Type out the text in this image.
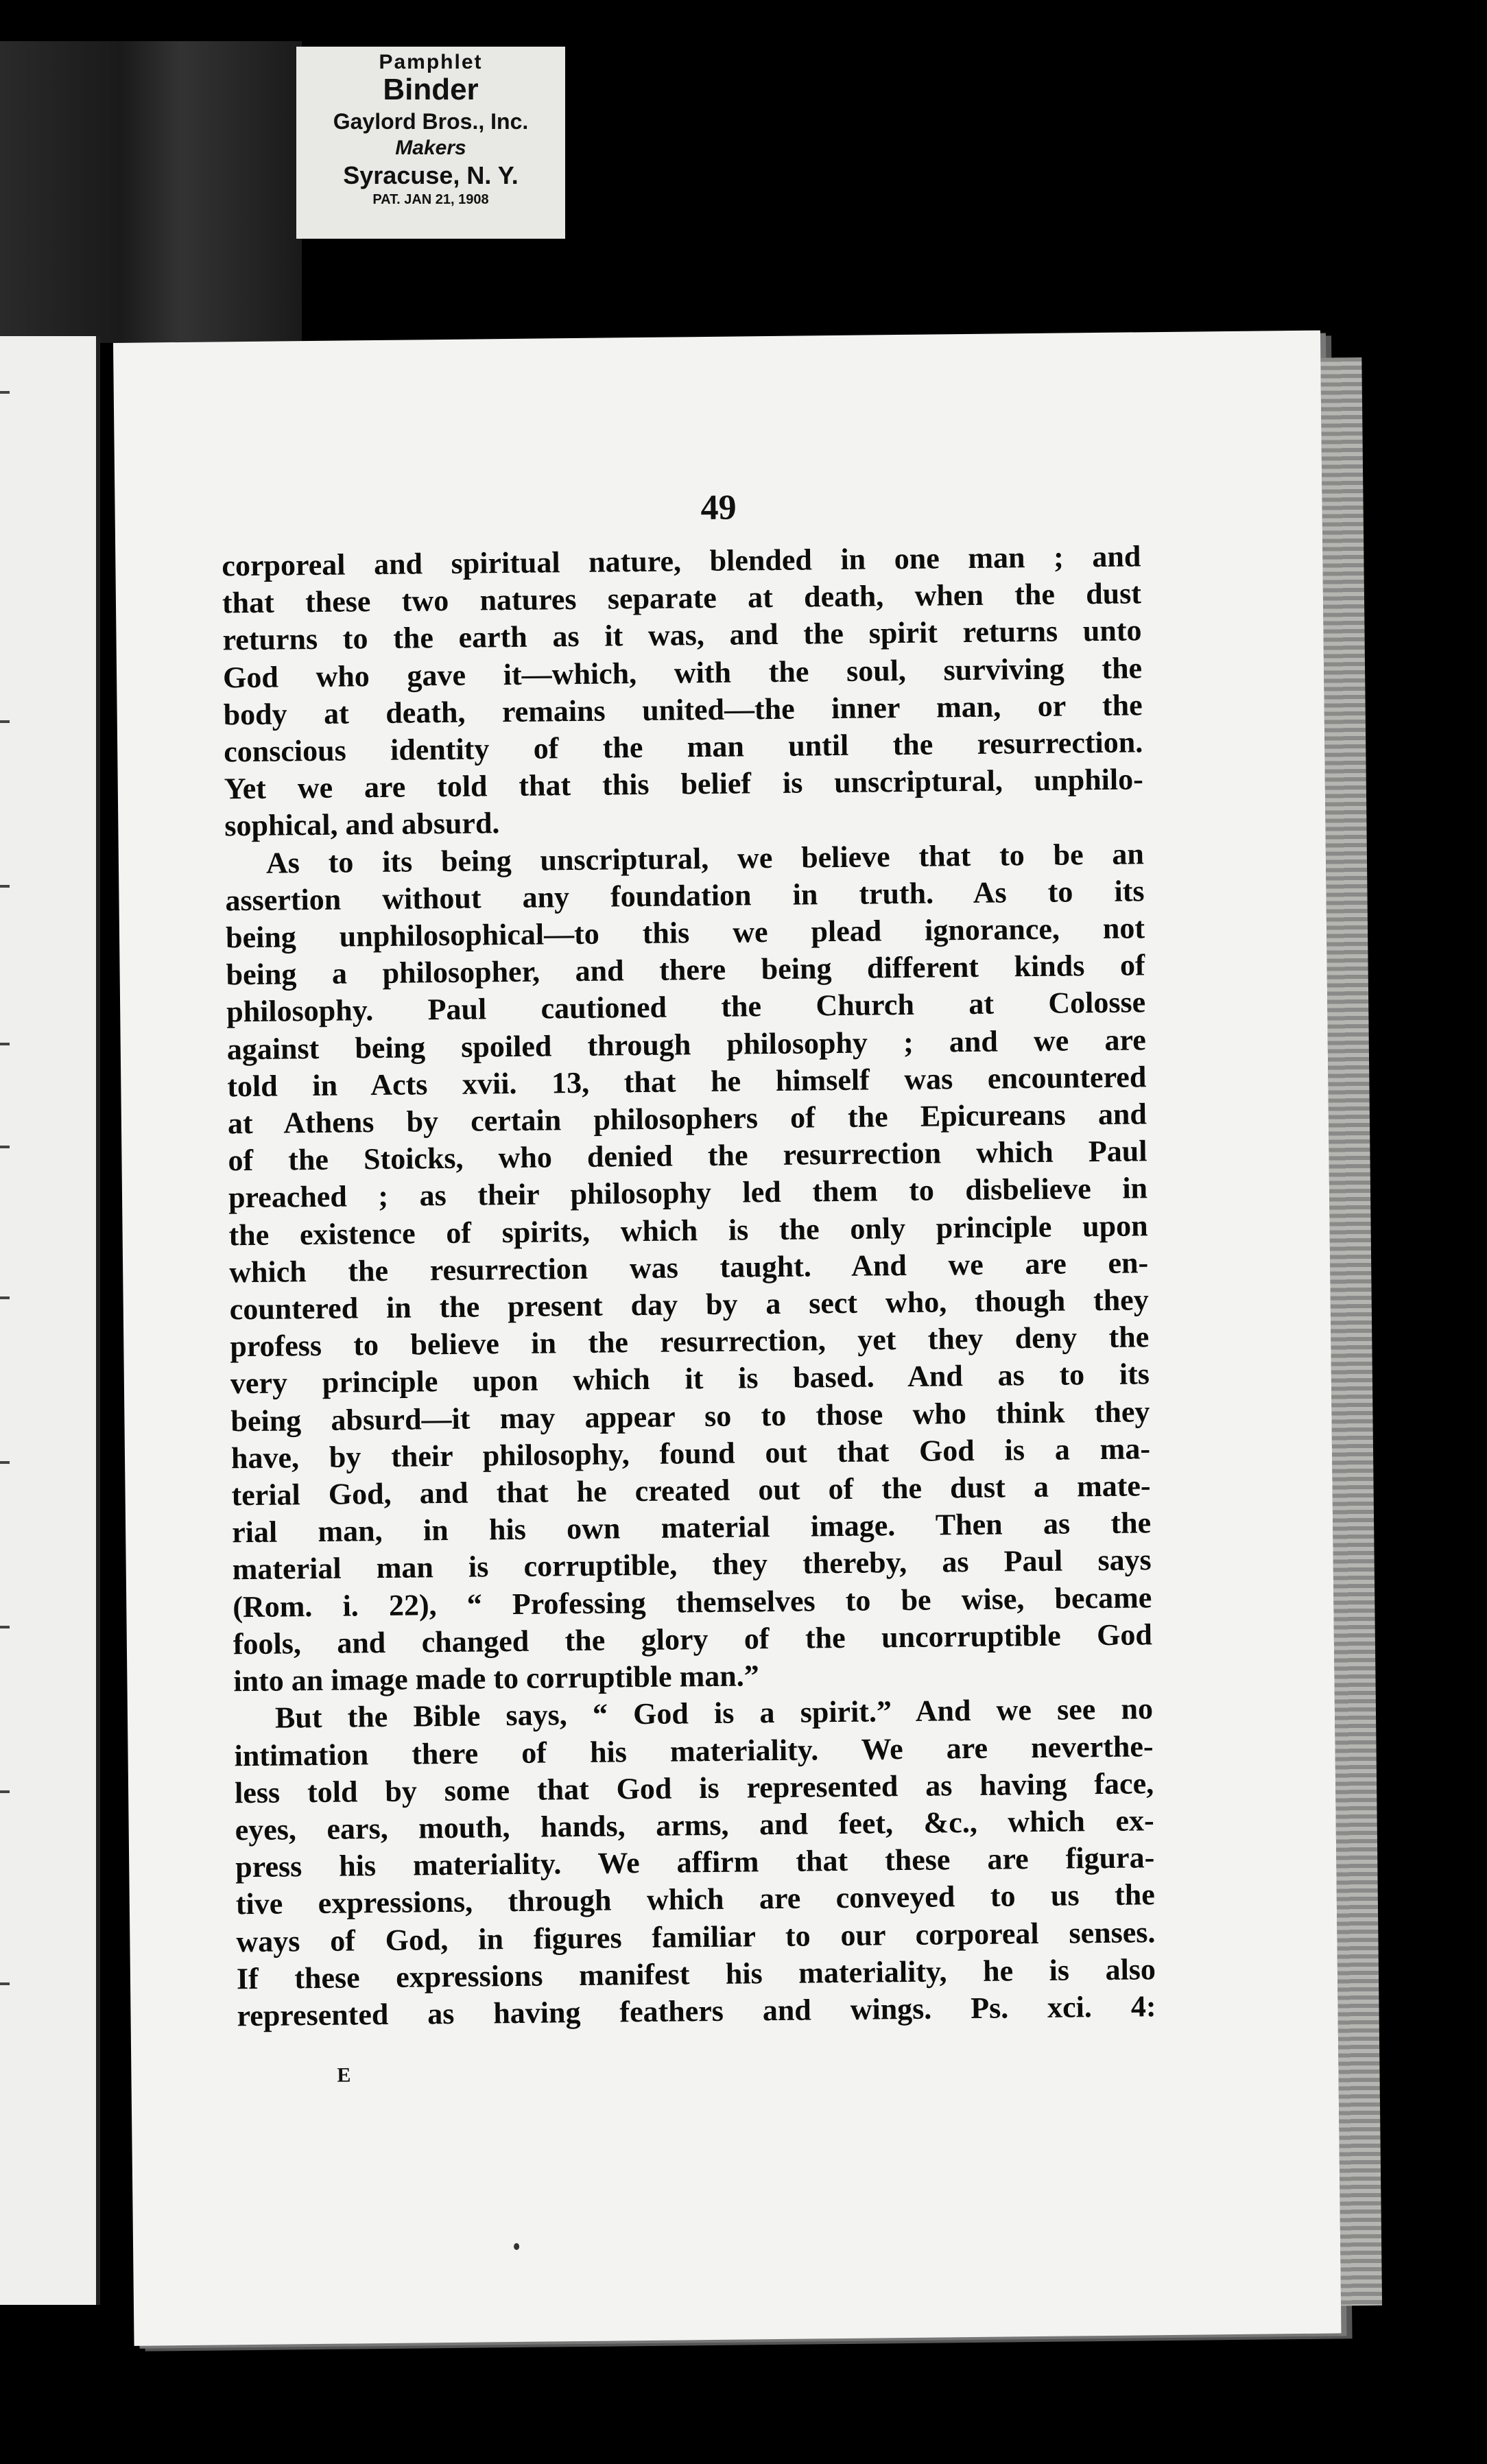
Pamphlet
Binder
Gaylord Bros., Inc.
Makers
Syracuse, N. Y.
PAT. JAN 21, 1908
49
corporeal and spiritual nature, blended in one man ; and
that these two natures separate at death, when the dust
returns to the earth as it was, and the spirit returns unto
God who gave it—which, with the soul, surviving the
body at death, remains united—the inner man, or the
conscious identity of the man until the resurrection.
Yet we are told that this belief is unscriptural, unphilo-
sophical, and absurd.
As to its being unscriptural, we believe that to be an
assertion without any foundation in truth. As to its
being unphilosophical—to this we plead ignorance, not
being a philosopher, and there being different kinds of
philosophy. Paul cautioned the Church at Colosse
against being spoiled through philosophy ; and we are
told in Acts xvii. 13, that he himself was encountered
at Athens by certain philosophers of the Epicureans and
of the Stoicks, who denied the resurrection which Paul
preached ; as their philosophy led them to disbelieve in
the existence of spirits, which is the only principle upon
which the resurrection was taught. And we are en-
countered in the present day by a sect who, though they
profess to believe in the resurrection, yet they deny the
very principle upon which it is based. And as to its
being absurd—it may appear so to those who think they
have, by their philosophy, found out that God is a ma-
terial God, and that he created out of the dust a mate-
rial man, in his own material image. Then as the
material man is corruptible, they thereby, as Paul says
(Rom. i. 22), “ Professing themselves to be wise, became
fools, and changed the glory of the uncorruptible God
into an image made to corruptible man.”
But the Bible says, “ God is a spirit.” And we see no
intimation there of his materiality. We are neverthe-
less told by some that God is represented as having face,
eyes, ears, mouth, hands, arms, and feet, &c., which ex-
press his materiality. We affirm that these are figura-
tive expressions, through which are conveyed to us the
ways of God, in figures familiar to our corporeal senses.
If these expressions manifest his materiality, he is also
represented as having feathers and wings. Ps. xci. 4:
E
